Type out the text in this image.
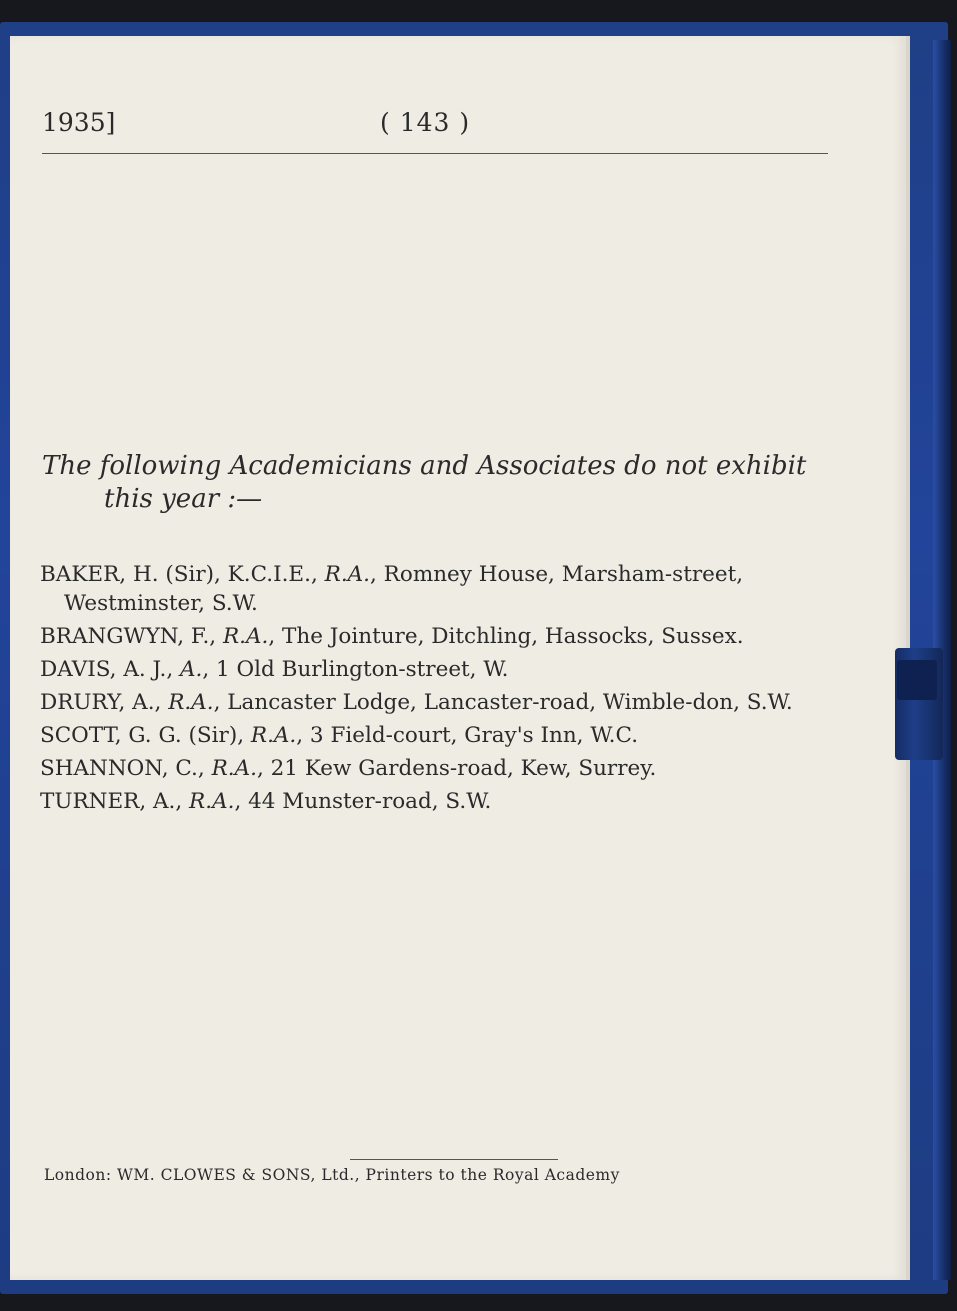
1935]	( 143 )
The following Academicians and Associates do not exhibit
this year :—
BAKER, H. (Sir), K.C.I.E., R.A., Romney House, Marsham-street, Westminster, S.W.
BRANGWYN, F., R.A., The Jointure, Ditchling, Hassocks, Sussex.
DAVIS, A. J., A., 1 Old Burlington-street, W.
DRURY, A., R.A., Lancaster Lodge, Lancaster-road, Wimble-don, S.W.
SCOTT, G. G. (Sir), R.A., 3 Field-court, Gray's Inn, W.C.
SHANNON, C., R.A., 21 Kew Gardens-road, Kew, Surrey.
TURNER, A., R.A., 44 Munster-road, S.W.
London: WM. CLOWES & SONS, Ltd., Printers to the Royal Academy
